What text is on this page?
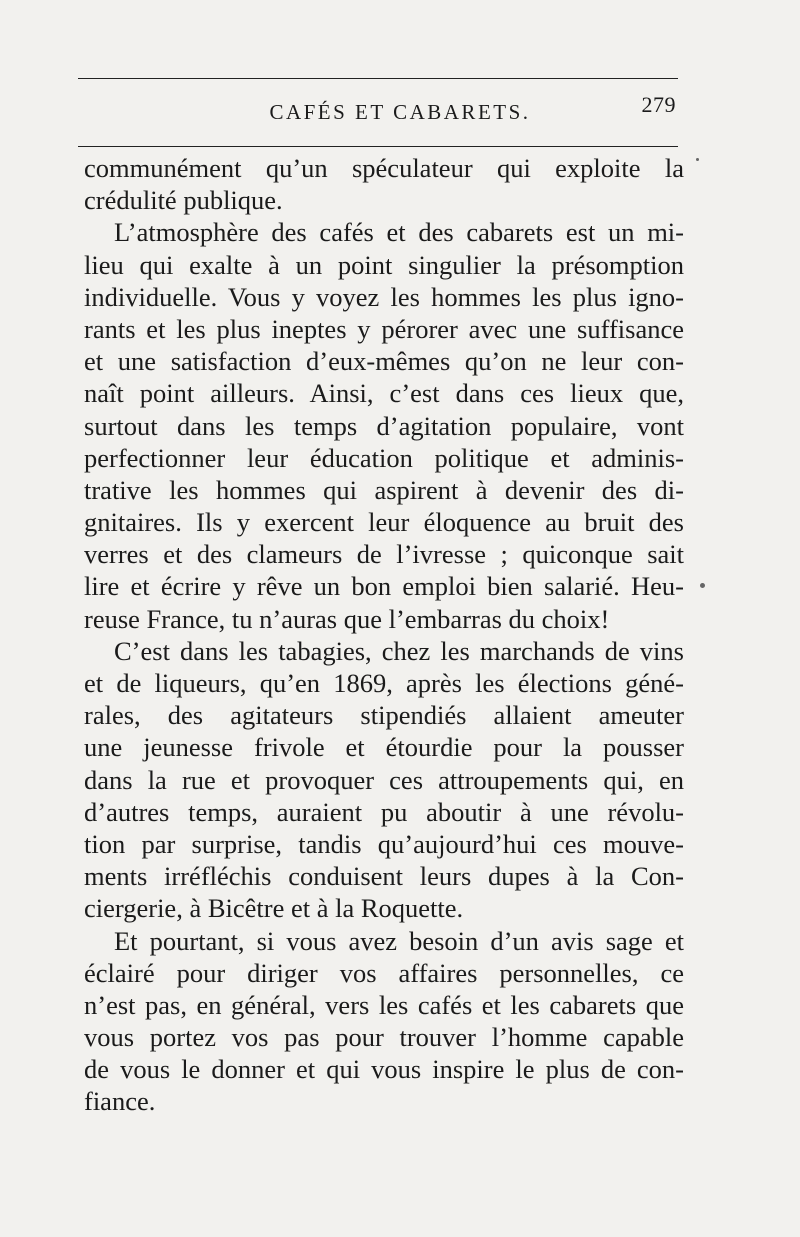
CAFÉS ET CABARETS.	279
communément qu’un spéculateur qui exploite la
crédulité publique.
L’atmosphère des cafés et des cabarets est un mi-
lieu qui exalte à un point singulier la présomption
individuelle. Vous y voyez les hommes les plus igno-
rants et les plus ineptes y pérorer avec une suffisance
et une satisfaction d’eux-mêmes qu’on ne leur con-
naît point ailleurs. Ainsi, c’est dans ces lieux que,
surtout dans les temps d’agitation populaire, vont
perfectionner leur éducation politique et adminis-
trative les hommes qui aspirent à devenir des di-
gnitaires. Ils y exercent leur éloquence au bruit des
verres et des clameurs de l’ivresse ; quiconque sait
lire et écrire y rêve un bon emploi bien salarié. Heu-
reuse France, tu n’auras que l’embarras du choix!
C’est dans les tabagies, chez les marchands de vins
et de liqueurs, qu’en 1869, après les élections géné-
rales, des agitateurs stipendiés allaient ameuter
une jeunesse frivole et étourdie pour la pousser
dans la rue et provoquer ces attroupements qui, en
d’autres temps, auraient pu aboutir à une révolu-
tion par surprise, tandis qu’aujourd’hui ces mouve-
ments irréfléchis conduisent leurs dupes à la Con-
ciergerie, à Bicêtre et à la Roquette.
Et pourtant, si vous avez besoin d’un avis sage et
éclairé pour diriger vos affaires personnelles, ce
n’est pas, en général, vers les cafés et les cabarets que
vous portez vos pas pour trouver l’homme capable
de vous le donner et qui vous inspire le plus de con-
fiance.
